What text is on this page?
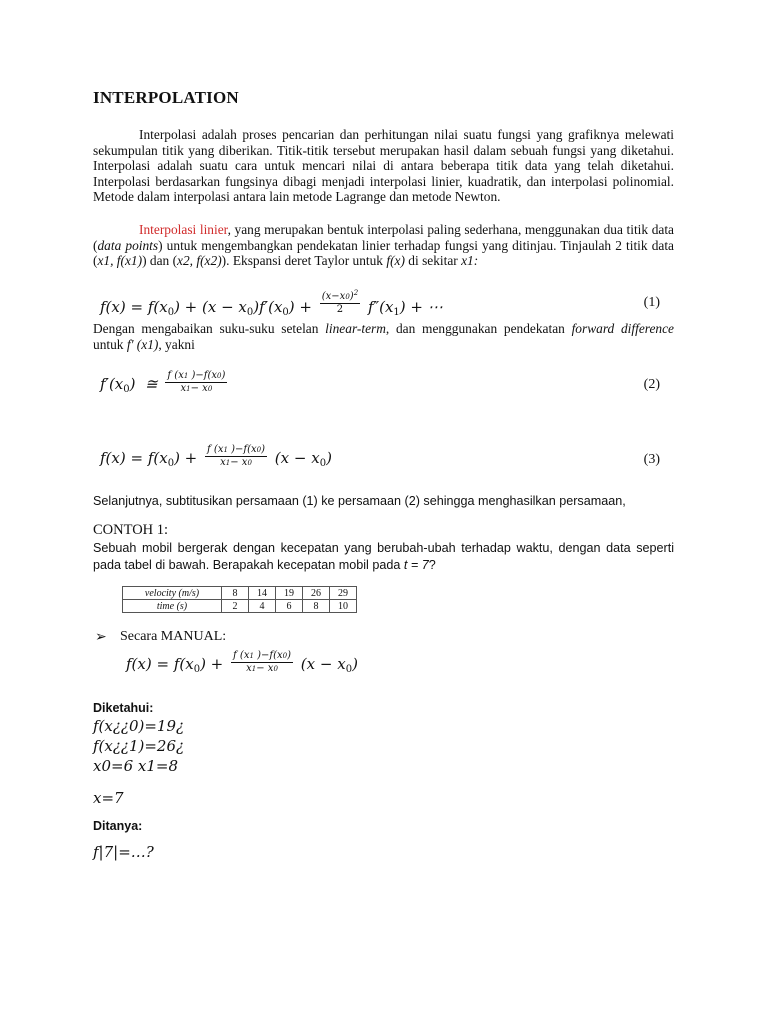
INTERPOLATION
Interpolasi adalah proses pencarian dan perhitungan nilai suatu fungsi yang grafiknya melewati sekumpulan titik yang diberikan. Titik-titik tersebut merupakan hasil dalam sebuah fungsi yang diketahui. Interpolasi adalah suatu cara untuk mencari nilai di antara beberapa titik data yang telah diketahui. Interpolasi berdasarkan fungsinya dibagi menjadi interpolasi linier, kuadratik, dan interpolasi polinomial. Metode dalam interpolasi antara lain metode Lagrange dan metode Newton.
Interpolasi linier, yang merupakan bentuk interpolasi paling sederhana, menggunakan dua titik data (data points) untuk mengembangkan pendekatan linier terhadap fungsi yang ditinjau. Tinjaulah 2 titik data (x1, f(x1)) dan (x2, f(x2)). Ekspansi deret Taylor untuk f(x) di sekitar x1:
$f(x) = f(x_0) + (x - x_0)f'(x_0) + \frac{(x-x0)^2}{2} f''(x_1)$ + ⋯	(1)
Dengan mengabaikan suku-suku setelan linear-term, dan menggunakan pendekatan forward difference untuk f' (x1), yakni
$f'(x_0)$  ≅ $\frac{f (x1 )-f(x0)}{x1- x0}$	(2)
$f(x) = f(x_0) + \frac{f (x1 )-f(x0)}{x1- x0} (x - x_0)$	(3)
Selanjutnya, subtitusikan persamaan (1) ke persamaan (2) sehingga menghasilkan persamaan,
CONTOH 1:
Sebuah mobil bergerak dengan kecepatan yang berubah-ubah terhadap waktu, dengan data seperti pada tabel di bawah. Berapakah kecepatan mobil pada t = 7?
velocity (m/s)	8	14	19	26	29
time (s)	2	4	6	8	10
➢ Secara MANUAL:
$f(x) = f(x_0) + \frac{f (x1 )-f(x0)}{x1- x0} (x - x_0)$
Diketahui:
f(x¿¿0)=19¿
f(x¿¿1)=26¿
x0=6 x1=8
x=7
Ditanya:
f|7|=…?
